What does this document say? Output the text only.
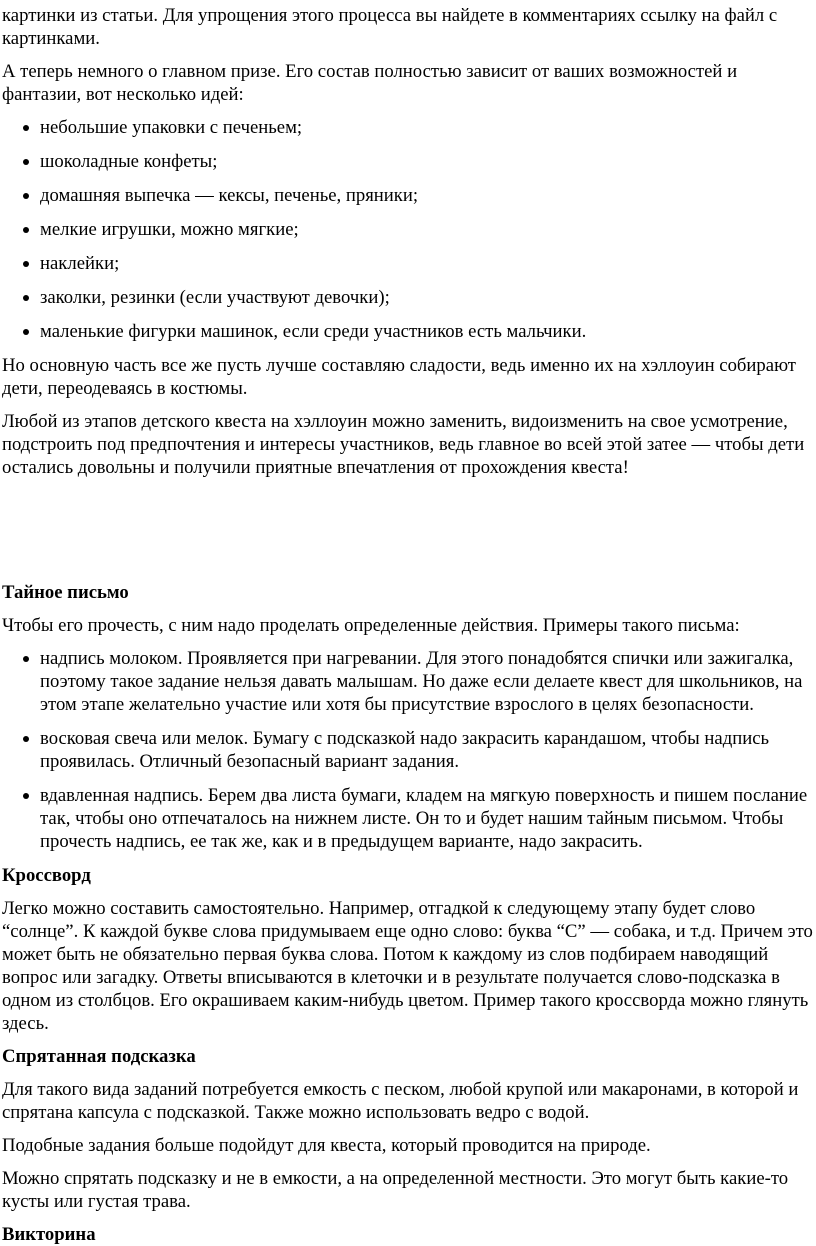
картинки из статьи. Для упрощения этого процесса вы найдете в комментариях ссылку на файл с картинками.

А теперь немного о главном призе. Его состав полностью зависит от ваших возможностей и фантазии, вот несколько идей:

небольшие упаковки с печеньем;
шоколадные конфеты;
домашняя выпечка — кексы, печенье, пряники;
мелкие игрушки, можно мягкие;
наклейки;
заколки, резинки (если участвуют девочки);
маленькие фигурки машинок, если среди участников есть мальчики.

Но основную часть все же пусть лучше составляю сладости, ведь именно их на хэллоуин собирают дети, переодеваясь в костюмы.

Любой из этапов детского квеста на хэллоуин можно заменить, видоизменить на свое усмотрение, подстроить под предпочтения и интересы участников, ведь главное во всей этой затее — чтобы дети остались довольны и получили приятные впечатления от прохождения квеста!

Тайное письмо

Чтобы его прочесть, с ним надо проделать определенные действия. Примеры такого письма:

надпись молоком. Проявляется при нагревании. Для этого понадобятся спички или зажигалка, поэтому такое задание нельзя давать малышам. Но даже если делаете квест для школьников, на этом этапе желательно участие или хотя бы присутствие взрослого в целях безопасности.
восковая свеча или мелок. Бумагу с подсказкой надо закрасить карандашом, чтобы надпись проявилась. Отличный безопасный вариант задания.
вдавленная надпись. Берем два листа бумаги, кладем на мягкую поверхность и пишем послание так, чтобы оно отпечаталось на нижнем листе. Он то и будет нашим тайным письмом. Чтобы прочесть надпись, ее так же, как и в предыдущем варианте, надо закрасить.
Кроссворд

Легко можно составить самостоятельно. Например, отгадкой к следующему этапу будет слово “солнце”. К каждой букве слова придумываем еще одно слово: буква “С” — собака, и т.д. Причем это может быть не обязательно первая буква слова. Потом к каждому из слов подбираем наводящий вопрос или загадку. Ответы вписываются в клеточки и в результате получается слово-подсказка в одном из столбцов. Его окрашиваем каким-нибудь цветом. Пример такого кроссворда можно глянуть здесь.

Спрятанная подсказка

Для такого вида заданий потребуется емкость с песком, любой крупой или макаронами, в которой и спрятана капсула с подсказкой. Также можно использовать ведро с водой.

Подобные задания больше подойдут для квеста, который проводится на природе.

Можно спрятать подсказку и не в емкости, а на определенной местности. Это могут быть какие-то кусты или густая трава.

Викторина
